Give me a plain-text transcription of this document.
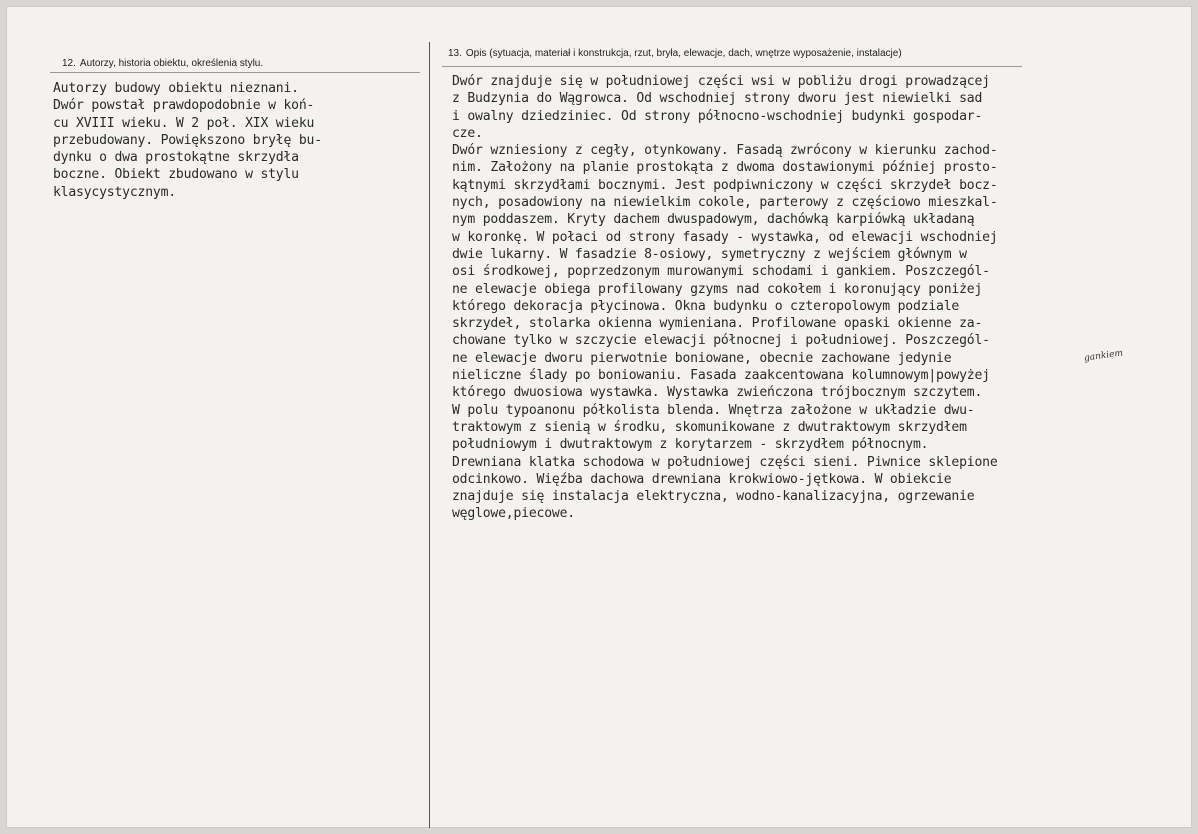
12. Autorzy, historia obiektu, określenia stylu.
13. Opis (sytuacja, materiał i konstrukcja, rzut, bryła, elewacje, dach, wnętrze wyposażenie, instalacje)
Autorzy budowy obiektu nieznani.
Dwór powstał prawdopodobnie w koń-
cu XVIII wieku. W 2 poł. XIX wieku
przebudowany. Powiększono bryłę bu-
dynku o dwa prostokątne skrzydła
boczne. Obiekt zbudowano w stylu
klasycystycznym.
Dwór znajduje się w południowej części wsi w pobliżu drogi prowadzącej
z Budzynia do Wągrowca. Od wschodniej strony dworu jest niewielki sad
i owalny dziedziniec. Od strony północno-wschodniej budynki gospodar-
cze.
Dwór wzniesiony z cegły, otynkowany. Fasadą zwrócony w kierunku zachod-
nim. Założony na planie prostokąta z dwoma dostawionymi później prosto-
kątnymi skrzydłami bocznymi. Jest podpiwniczony w części skrzydeł bocz-
nych, posadowiony na niewielkim cokole, parterowy z częściowo mieszkal-
nym poddaszem. Kryty dachem dwuspadowym, dachówką karpiówką układaną
w koronkę. W połaci od strony fasady - wystawka, od elewacji wschodniej
dwie lukarny. W fasadzie 8-osiowy, symetryczny z wejściem głównym w
osi środkowej, poprzedzonym murowanymi schodami i gankiem. Poszczegól-
ne elewacje obiega profilowany gzyms nad cokołem i koronujący poniżej
którego dekoracja płycinowa. Okna budynku o czteropolowym podziale
skrzydeł, stolarka okienna wymieniana. Profilowane opaski okienne za-
chowane tylko w szczycie elewacji północnej i południowej. Poszczegól-
ne elewacje dworu pierwotnie boniowane, obecnie zachowane jedynie
nieliczne ślady po boniowaniu. Fasada zaakcentowana kolumnowym|powyżej
którego dwuosiowa wystawka. Wystawka zwieńczona trójbocznym szczytem.
W polu typoanonu półkolista blenda. Wnętrza założone w układzie dwu-
traktowym z sienią w środku, skomunikowane z dwutraktowym skrzydłem
południowym i dwutraktowym z korytarzem - skrzydłem północnym.
Drewniana klatka schodowa w południowej części sieni. Piwnice sklepione
odcinkowo. Więźba dachowa drewniana krokwiowo-jętkowa. W obiekcie
znajduje się instalacja elektryczna, wodno-kanalizacyjna, ogrzewanie
węglowe,piecowe.
gankiem
